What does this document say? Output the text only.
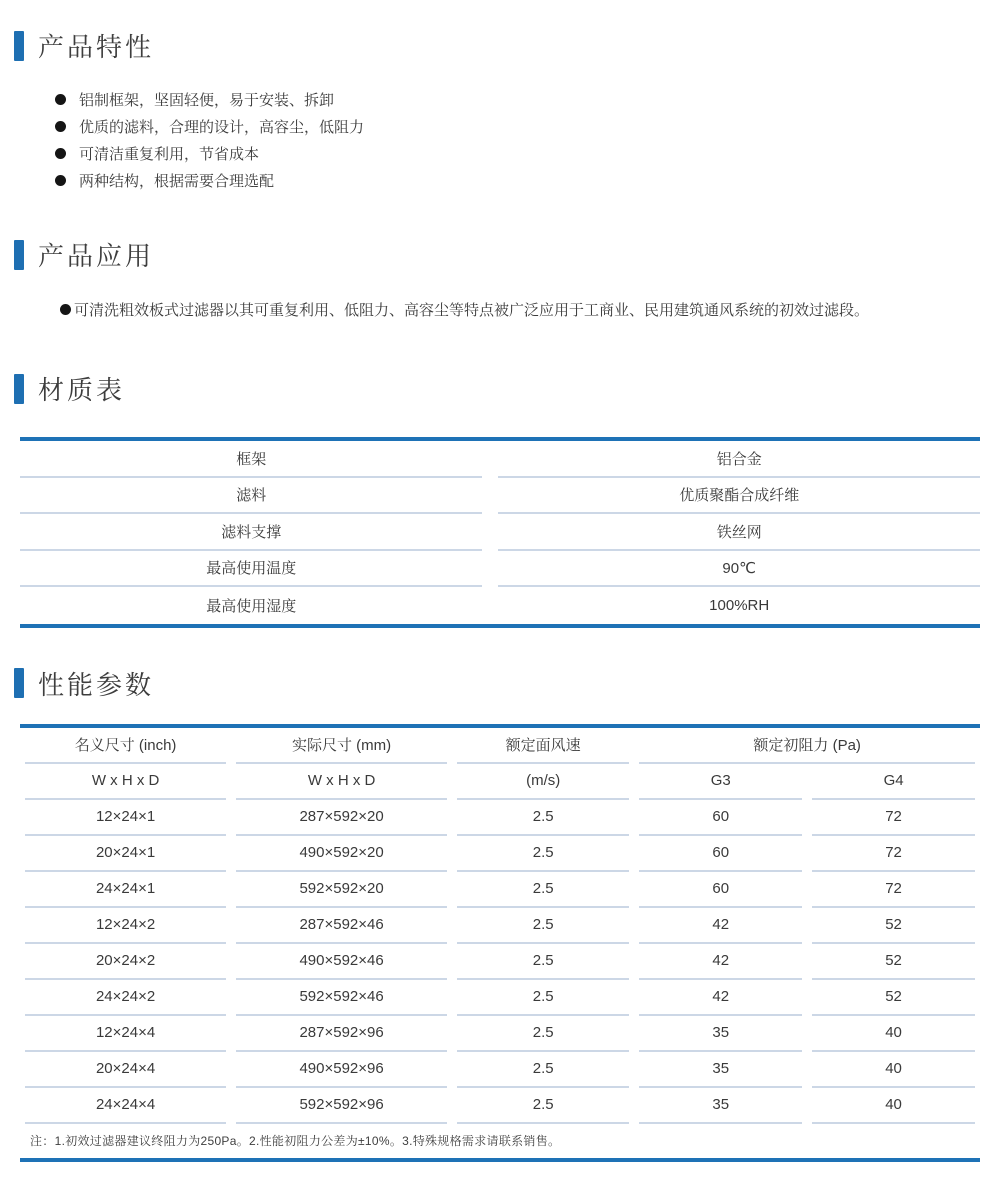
产品特性
铝制框架，坚固轻便，易于安装、拆卸
优质的滤料，合理的设计，高容尘，低阻力
可清洁重复利用，节省成本
两种结构，根据需要合理选配
产品应用
可清洗粗效板式过滤器以其可重复利用、低阻力、高容尘等特点被广泛应用于工商业、民用建筑通风系统的初效过滤段。
材质表
框架	铝合金
滤料	优质聚酯合成纤维
滤料支撑	铁丝网
最高使用温度	90℃
最高使用湿度	100%RH
性能参数
名义尺寸 (inch)	实际尺寸 (mm)	额定面风速	额定初阻力 (Pa)
W x H x D	W x H x D	(m/s)	G3	G4
12×24×1	287×592×20	2.5	60	72
20×24×1	490×592×20	2.5	60	72
24×24×1	592×592×20	2.5	60	72
12×24×2	287×592×46	2.5	42	52
20×24×2	490×592×46	2.5	42	52
24×24×2	592×592×46	2.5	42	52
12×24×4	287×592×96	2.5	35	40
20×24×4	490×592×96	2.5	35	40
24×24×4	592×592×96	2.5	35	40
注：1.初效过滤器建议终阻力为250Pa。2.性能初阻力公差为±10%。3.特殊规格需求请联系销售。
